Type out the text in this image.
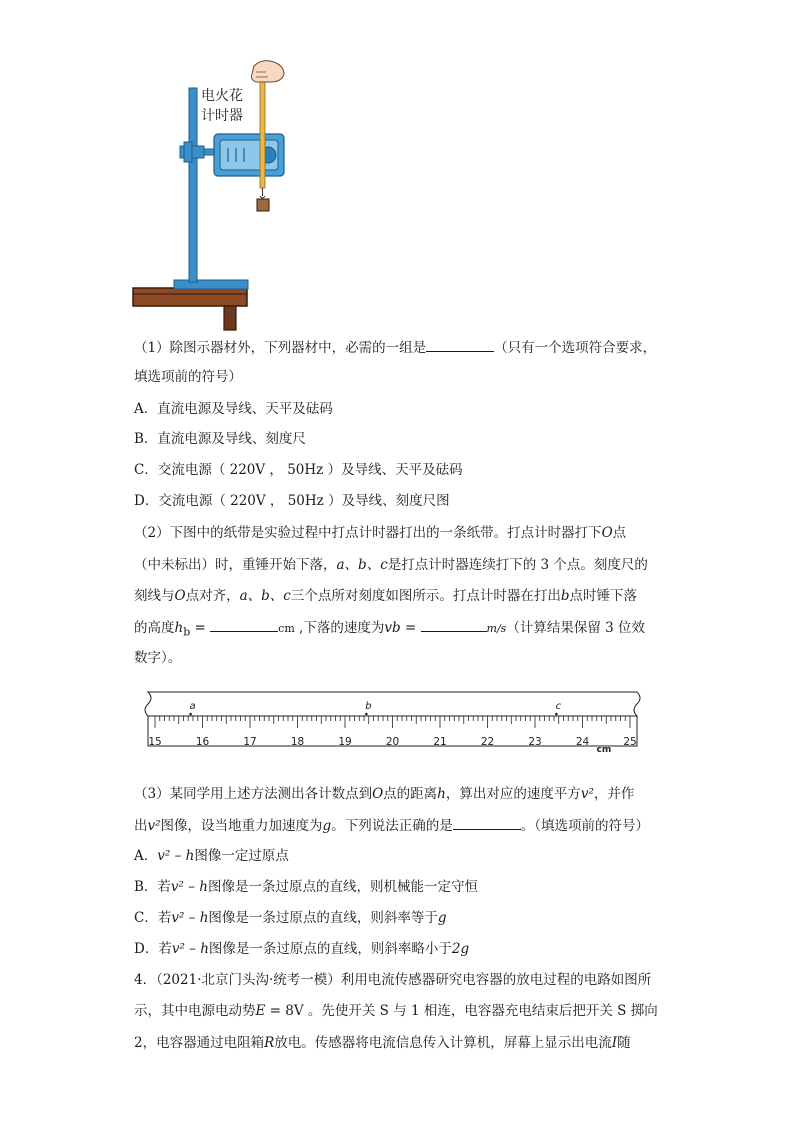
电火花
计时器
（1）除图示器材外，下列器材中，必需的一组是	（只有一个选项符合要求，
填选项前的符号）
A．直流电源及导线、天平及砝码
B．直流电源及导线、刻度尺
C．交流电源（ 220V ， 50Hz ）及导线、天平及砝码
D．交流电源（ 220V ， 50Hz ）及导线、刻度尺图
（2）下图中的纸带是实验过程中打点计时器打出的一条纸带。打点计时器打下O点
（中未标出）时，重锤开始下落，a、b、c是打点计时器连续打下的 3 个点。刻度尺的
刻线与O点对齐，a、b、c三个点所对刻度如图所示。打点计时器在打出b点时锤下落
的高度$h_b$ =	cm ,下落的速度为vb =	m/s（计算结果保留 3 位效
数字）。
15	16	17	18	19	20	21	22	23	24	25
cm
a	b	c
（3）某同学用上述方法测出各计数点到O点的距离h，算出对应的速度平方v²，并作
出v²图像，设当地重力加速度为g。下列说法正确的是	。（填选项前的符号）
A．v² – h图像一定过原点
B．若v² – h图像是一条过原点的直线，则机械能一定守恒
C．若v² – h图像是一条过原点的直线，则斜率等于g
D．若v² – h图像是一条过原点的直线，则斜率略小于2g
4．（2021·北京门头沟·统考一模）利用电流传感器研究电容器的放电过程的电路如图所
示，其中电源电动势E = 8V 。先使开关 S 与 1 相连，电容器充电结束后把开关 S 掷向
2，电容器通过电阻箱R放电。传感器将电流信息传入计算机，屏幕上显示出电流I随
